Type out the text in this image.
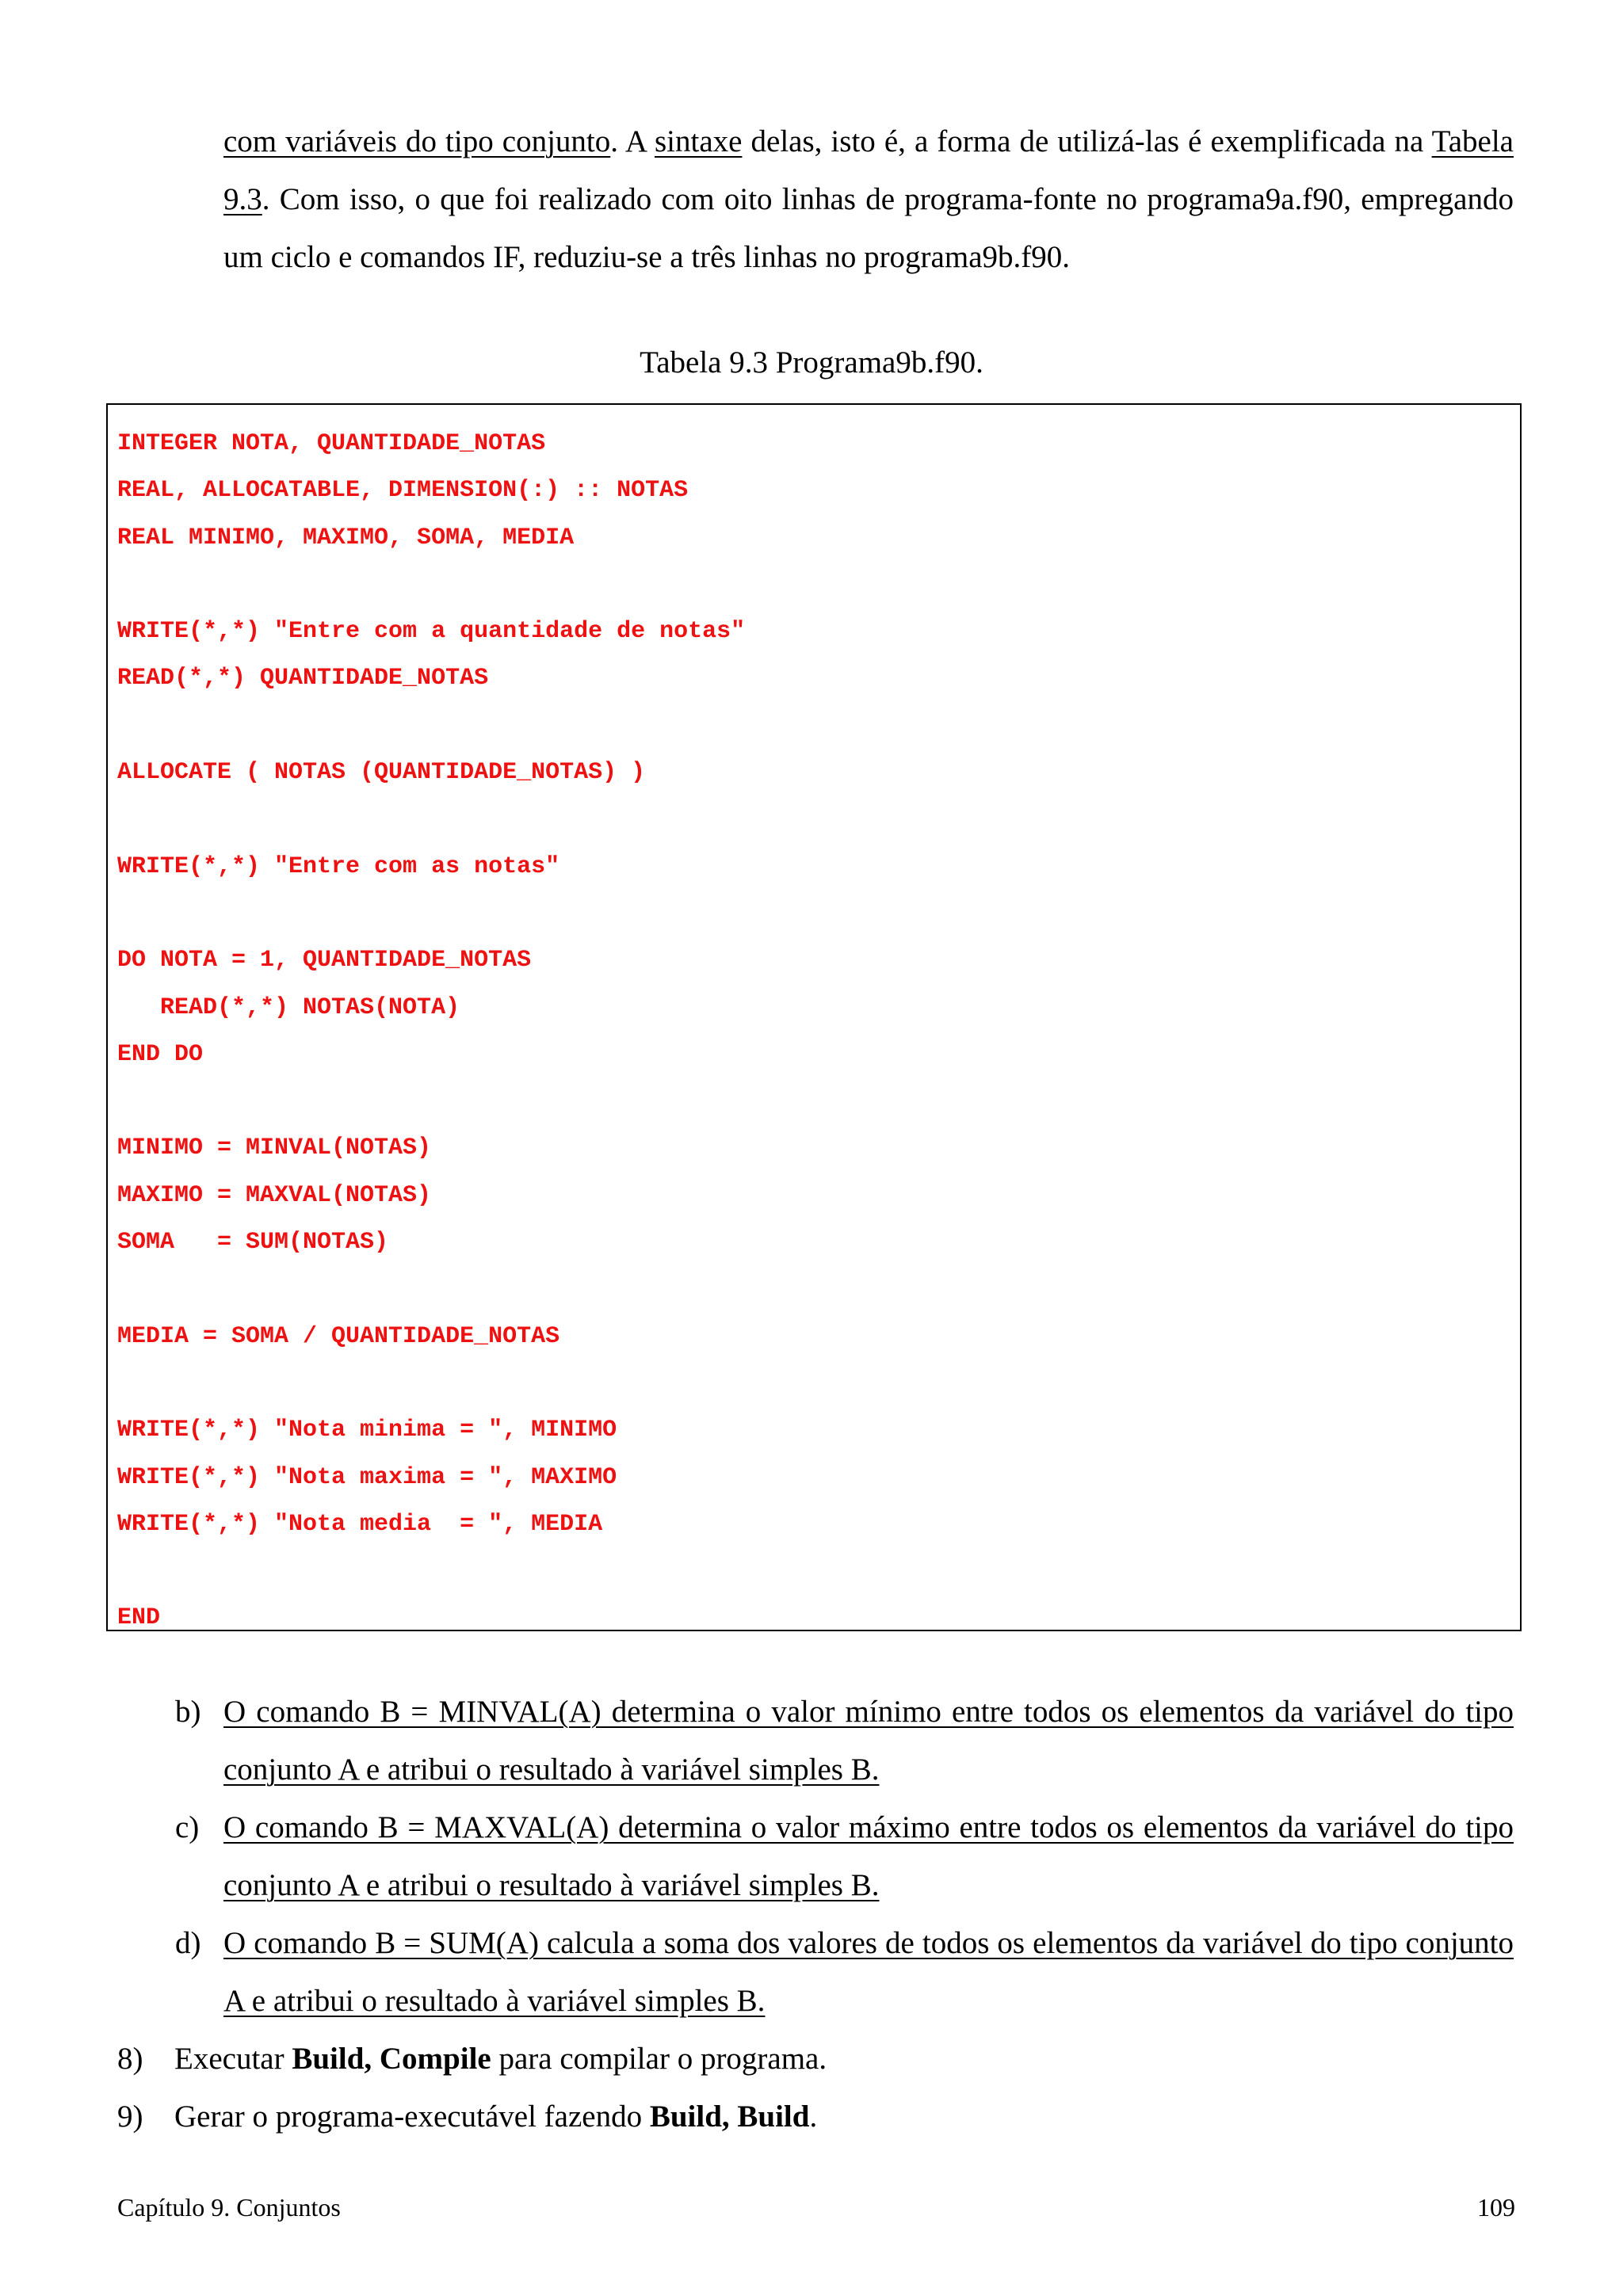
com variáveis do tipo conjunto. A sintaxe delas, isto é, a forma de utilizá-las é exemplificada na Tabela 9.3. Com isso, o que foi realizado com oito linhas de programa-fonte no programa9a.f90, empregando um ciclo e comandos IF, reduziu-se a três linhas no programa9b.f90.

Tabela 9.3 Programa9b.f90.

INTEGER NOTA, QUANTIDADE_NOTAS
REAL, ALLOCATABLE, DIMENSION(:) :: NOTAS
REAL MINIMO, MAXIMO, SOMA, MEDIA

WRITE(*,*) "Entre com a quantidade de notas"
READ(*,*) QUANTIDADE_NOTAS

ALLOCATE ( NOTAS (QUANTIDADE_NOTAS) )

WRITE(*,*) "Entre com as notas"

DO NOTA = 1, QUANTIDADE_NOTAS
READ(*,*) NOTAS(NOTA)
END DO

MINIMO = MINVAL(NOTAS)
MAXIMO = MAXVAL(NOTAS)
SOMA   = SUM(NOTAS)

MEDIA = SOMA / QUANTIDADE_NOTAS

WRITE(*,*) "Nota minima = ", MINIMO
WRITE(*,*) "Nota maxima = ", MAXIMO
WRITE(*,*) "Nota media  = ", MEDIA

END
b) O comando B = MINVAL(A) determina o valor mínimo entre todos os elementos da variável do tipo conjunto A e atribui o resultado à variável simples B.
c) O comando B = MAXVAL(A) determina o valor máximo entre todos os elementos da variável do tipo conjunto A e atribui o resultado à variável simples B.
d) O comando B = SUM(A) calcula a soma dos valores de todos os elementos da variável do tipo conjunto A e atribui o resultado à variável simples B.
8) Executar Build, Compile para compilar o programa.
9) Gerar o programa-executável fazendo Build, Build.
Capítulo 9. Conjuntos	109
